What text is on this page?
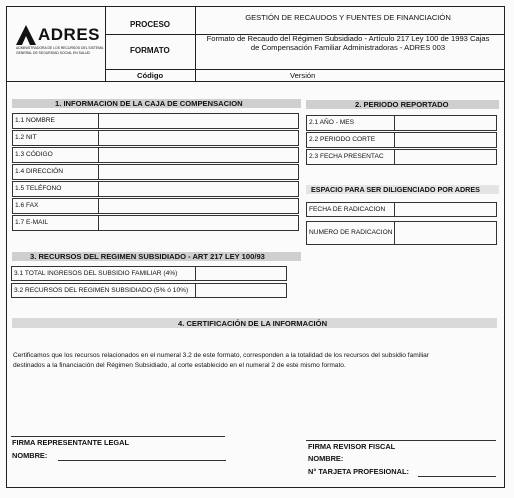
ADRES
ADMINISTRADORA DE LOS RECURSOS DEL SISTEMA
GENERAL DE SEGURIDAD SOCIAL EN SALUD
PROCESO
GESTIÓN DE RECAUDOS Y FUENTES DE FINANCIACIÓN
FORMATO
Formato de Recaudo del Régimen Subsidiado - Artículo 217 Ley 100 de 1993 Cajas de Compensación Familiar Administradoras - ADRES 003
Código	Versión
1. INFORMACION DE LA CAJA DE COMPENSACION
1.1 NOMBRE
1.2 NIT
1.3 CÓDIGO
1.4 DIRECCIÓN
1.5 TELÉFONO
1.6 FAX
1.7 E-MAIL
2. PERIODO REPORTADO
2.1 AÑO - MES
2.2 PERIODO CORTE
2.3 FECHA PRESENTAC
ESPACIO PARA SER DILIGENCIADO POR ADRES
FECHA DE RADICACION
NUMERO DE RADICACION
3. RECURSOS DEL REGIMEN SUBSIDIADO - ART 217 LEY 100/93
3.1 TOTAL INGRESOS DEL SUBSIDIO FAMILIAR (4%)
3.2 RECURSOS DEL REGIMEN SUBSIDIADO (5% ó 10%)
4. CERTIFICACIÓN DE LA INFORMACIÓN
Certificamos que los recursos relacionados en el numeral 3.2 de este formato, corresponden a la totalidad de los recursos del subsidio familiar
destinados a la financiación del Régimen Subsidiado, al corte establecido en el numeral 2 de este mismo formato.
FIRMA REPRESENTANTE LEGAL
NOMBRE:
FIRMA REVISOR FISCAL
NOMBRE:
N° TARJETA PROFESIONAL:
